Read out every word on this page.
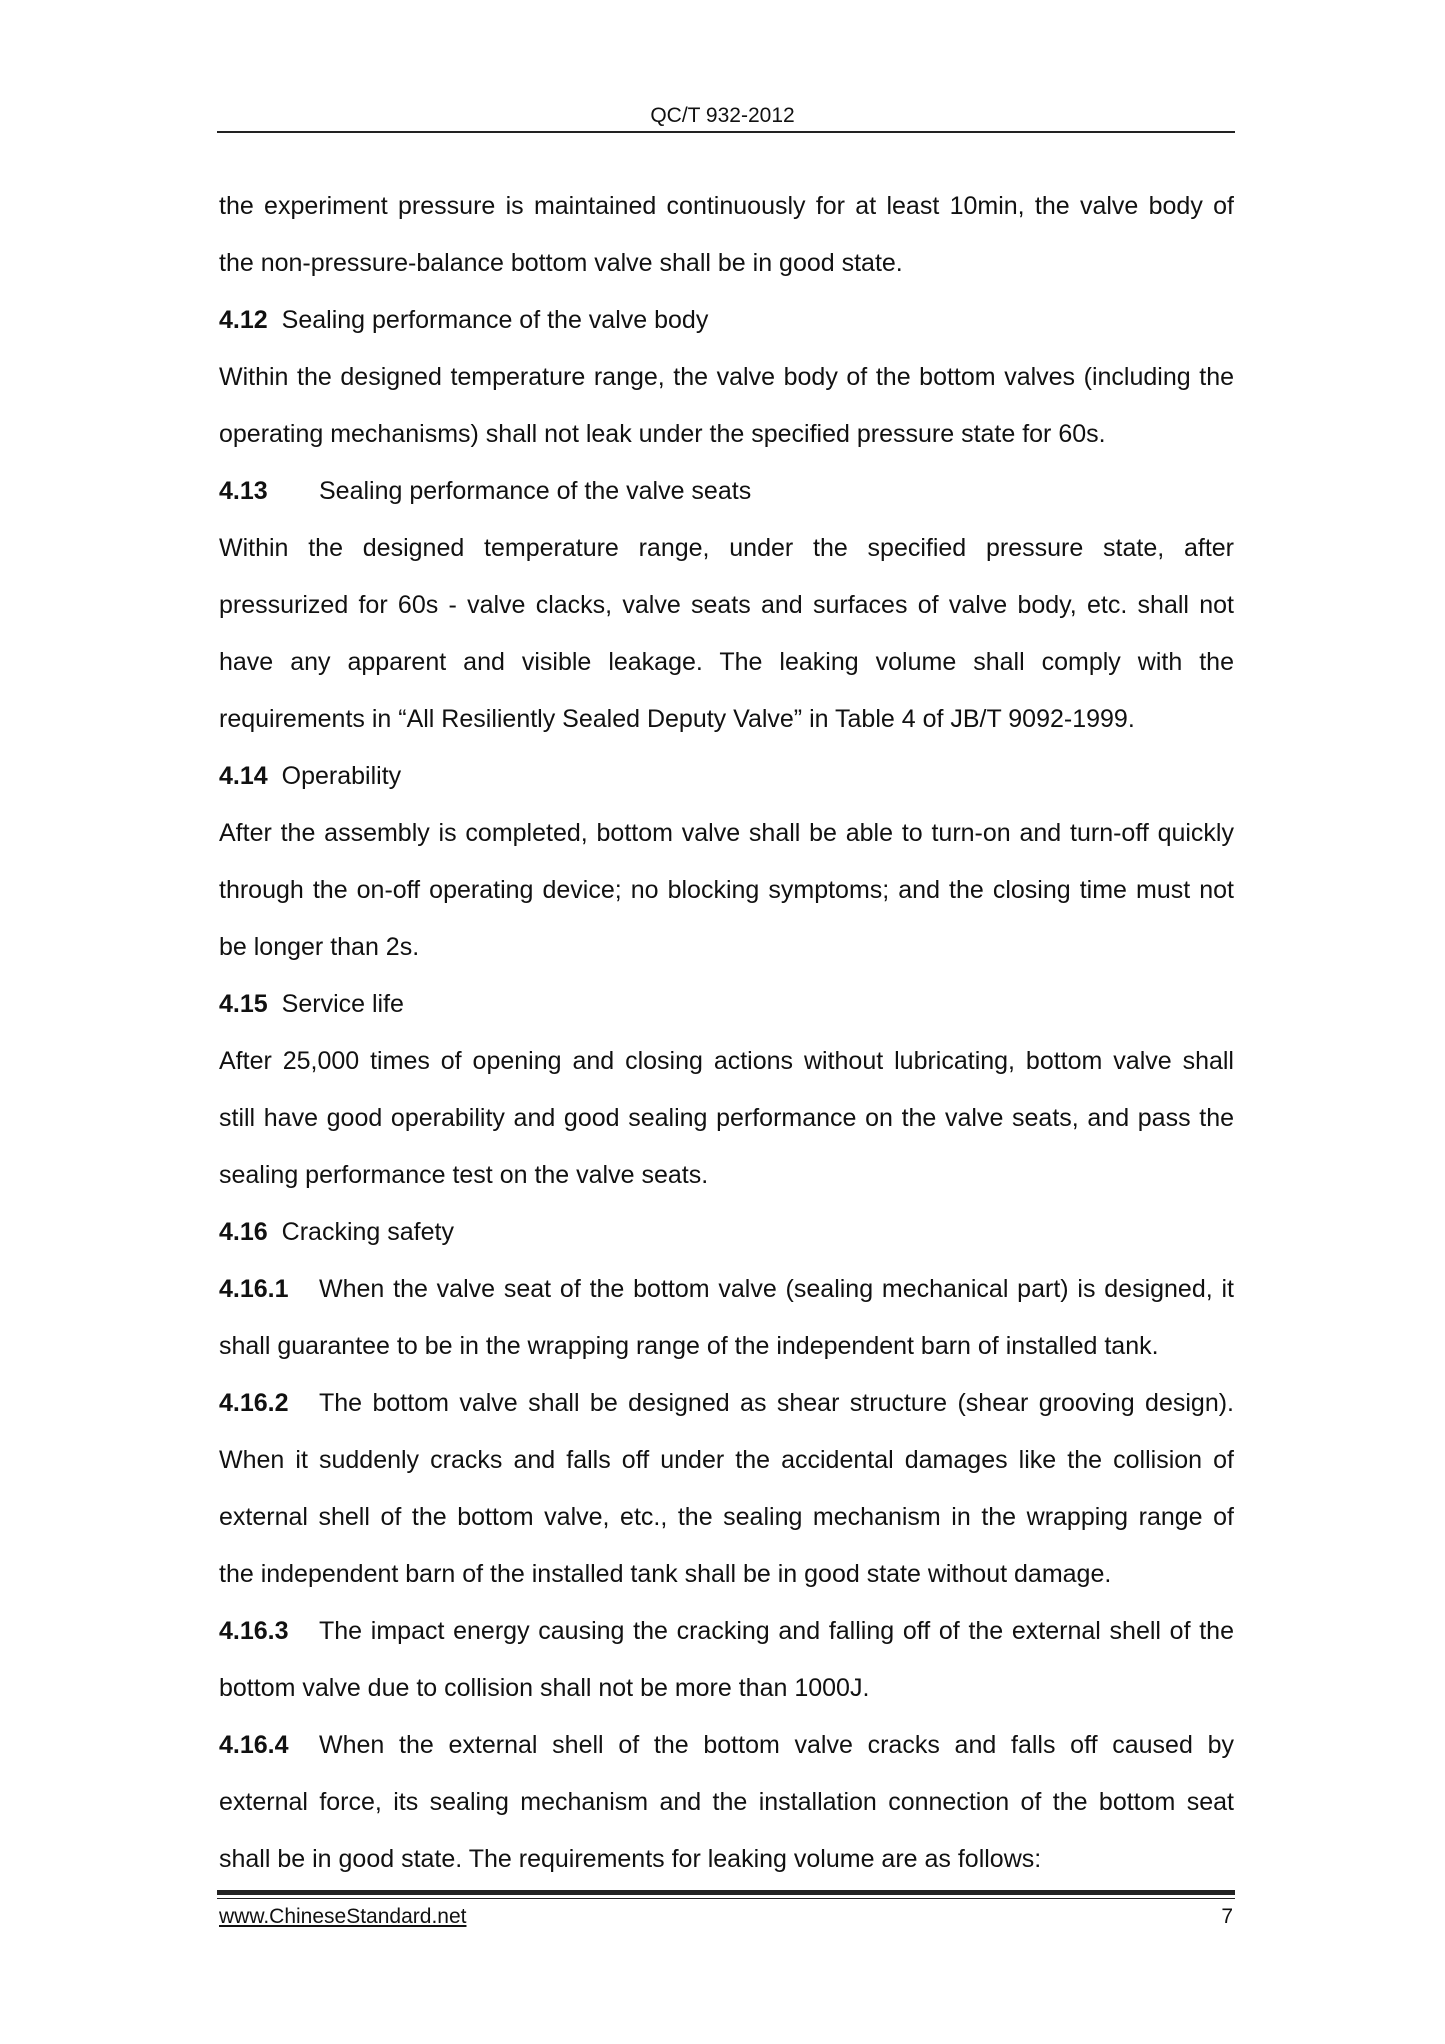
QC/T 932-2012
the experiment pressure is maintained continuously for at least 10min, the valve body of
the non-pressure-balance bottom valve shall be in good state.
4.12 Sealing performance of the valve body
Within the designed temperature range, the valve body of the bottom valves (including the
operating mechanisms) shall not leak under the specified pressure state for 60s.
4.13 Sealing performance of the valve seats
Within the designed temperature range, under the specified pressure state, after
pressurized for 60s - valve clacks, valve seats and surfaces of valve body, etc. shall not
have any apparent and visible leakage. The leaking volume shall comply with the
requirements in “All Resiliently Sealed Deputy Valve” in Table 4 of JB/T 9092-1999.
4.14 Operability
After the assembly is completed, bottom valve shall be able to turn-on and turn-off quickly
through the on-off operating device; no blocking symptoms; and the closing time must not
be longer than 2s.
4.15 Service life
After 25,000 times of opening and closing actions without lubricating, bottom valve shall
still have good operability and good sealing performance on the valve seats, and pass the
sealing performance test on the valve seats.
4.16 Cracking safety
4.16.1 When the valve seat of the bottom valve (sealing mechanical part) is designed, it
shall guarantee to be in the wrapping range of the independent barn of installed tank.
4.16.2 The bottom valve shall be designed as shear structure (shear grooving design).
When it suddenly cracks and falls off under the accidental damages like the collision of
external shell of the bottom valve, etc., the sealing mechanism in the wrapping range of
the independent barn of the installed tank shall be in good state without damage.
4.16.3 The impact energy causing the cracking and falling off of the external shell of the
bottom valve due to collision shall not be more than 1000J.
4.16.4 When the external shell of the bottom valve cracks and falls off caused by
external force, its sealing mechanism and the installation connection of the bottom seat
shall be in good state. The requirements for leaking volume are as follows:
www.ChineseStandard.net	7
